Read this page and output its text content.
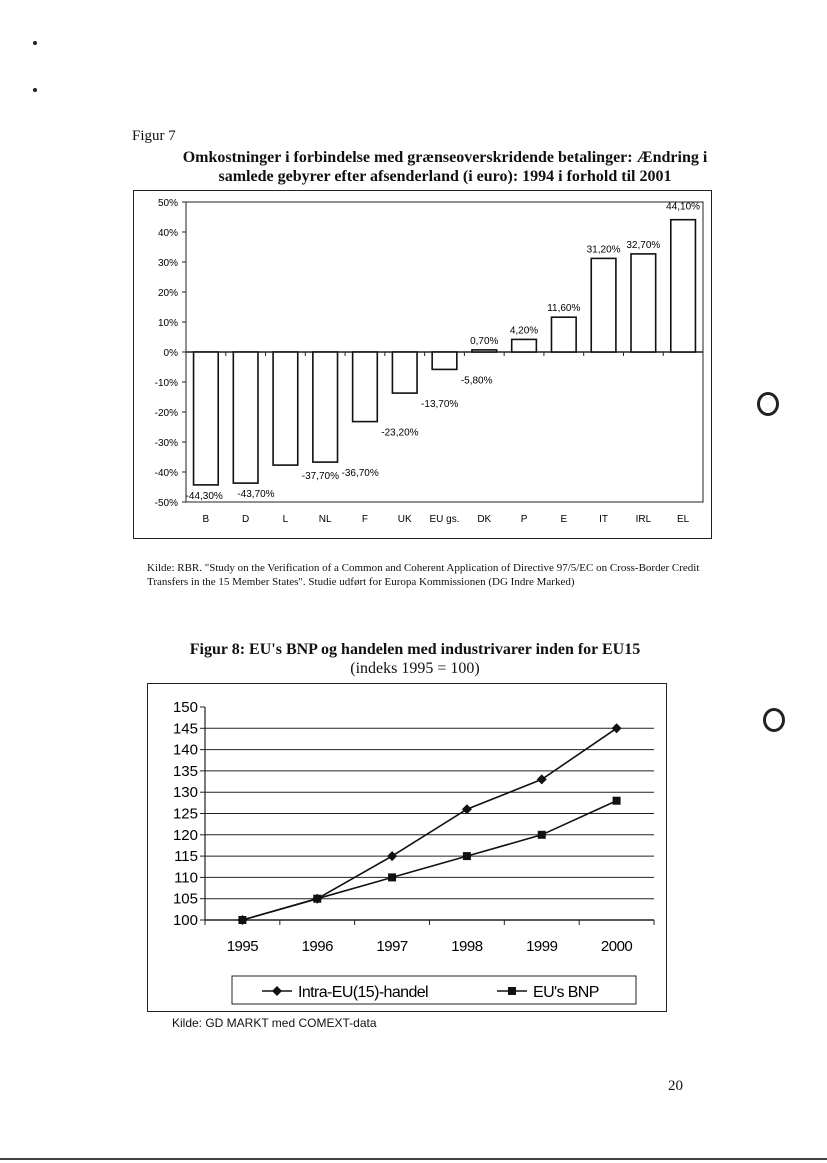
Figur 7
Omkostninger i forbindelse med grænseoverskridende betalinger: Ændring i
samlede gebyrer efter afsenderland (i euro): 1994 i forhold til 2001
50%
40%
30%
20%
10%
0%
-10%
-20%
-30%
-40%
-50%
-44,30%
B
-43,70%
D
-37,70%
L
-36,70%
NL
-23,20%
F
-13,70%
UK
-5,80%
EU gs.
0,70%
DK
4,20%
P
11,60%
E
31,20%
IT
32,70%
IRL
44,10%
EL
Kilde: RBR. "Study on the Verification of a Common and Coherent Application of Directive 97/5/EC on Cross-Border Credit Transfers in the 15 Member States". Studie udført for Europa Kommissionen (DG Indre Marked)
Figur 8: EU's BNP og handelen med industrivarer inden for EU15
(indeks 1995 = 100)
150
145
140
135
130
125
120
115
110
105
100
1995	1996	1997	1998	1999	2000
Intra-EU(15)-handel	EU's BNP
Kilde: GD MARKT med COMEXT-data
20
